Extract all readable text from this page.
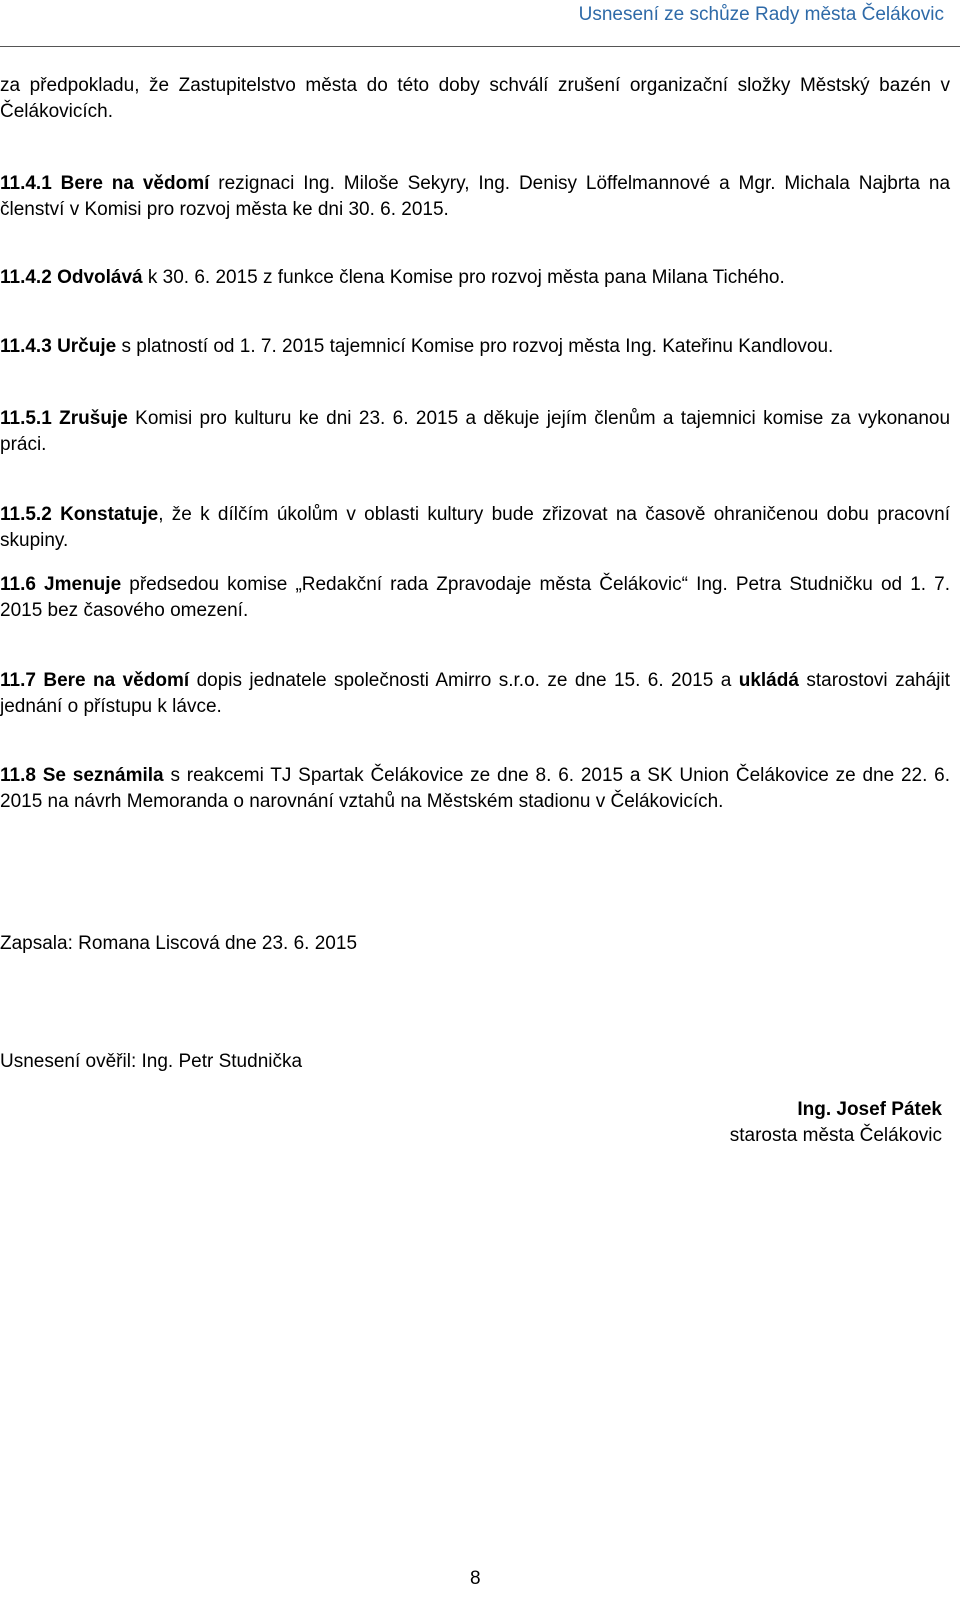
Usnesení ze schůze Rady města Čelákovic

za předpokladu, že Zastupitelstvo města do této doby schválí zrušení organizační složky Městský bazén v Čelákovicích.

11.4.1 Bere na vědomí rezignaci Ing. Miloše Sekyry, Ing. Denisy Löffelmannové a Mgr. Michala Najbrta na členství v Komisi pro rozvoj města ke dni 30. 6. 2015.

11.4.2 Odvolává k 30. 6. 2015 z funkce člena Komise pro rozvoj města pana Milana Tichého.

11.4.3 Určuje s platností od 1. 7. 2015 tajemnicí Komise pro rozvoj města Ing. Kateřinu Kandlovou.

11.5.1 Zrušuje Komisi pro kulturu ke dni 23. 6. 2015 a děkuje jejím členům a tajemnici komise za vykonanou práci.

11.5.2 Konstatuje, že k dílčím úkolům v oblasti kultury bude zřizovat na časově ohraničenou dobu pracovní skupiny.

11.6 Jmenuje předsedou komise „Redakční rada Zpravodaje města Čelákovic“ Ing. Petra Studničku od 1. 7. 2015 bez časového omezení.

11.7 Bere na vědomí dopis jednatele společnosti Amirro s.r.o. ze dne 15. 6. 2015 a ukládá starostovi zahájit jednání o přístupu k lávce.

11.8 Se seznámila s reakcemi TJ Spartak Čelákovice ze dne 8. 6. 2015 a SK Union Čelákovice ze dne 22. 6. 2015 na návrh Memoranda o narovnání vztahů na Městském stadionu v Čelákovicích.

Zapsala: Romana Liscová dne 23. 6. 2015

Usnesení ověřil: Ing. Petr Studnička

Ing. Josef Pátek
starosta města Čelákovic
8
